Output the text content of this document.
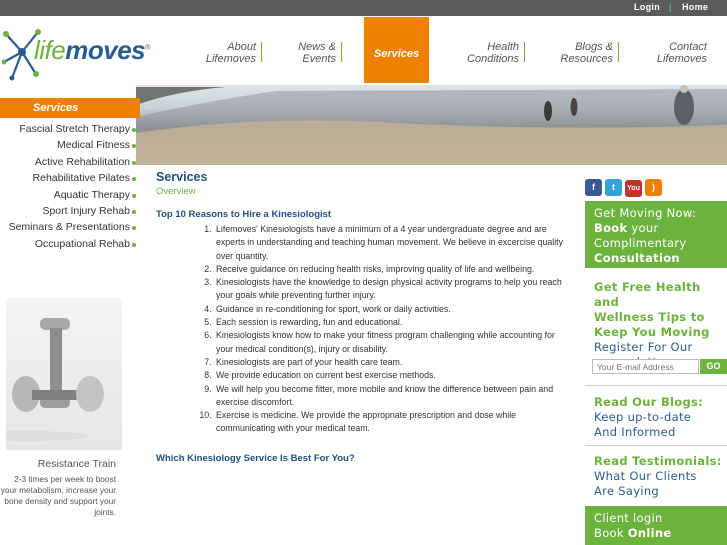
Login | Home
lifemoves®	About
Lifemoves
News &
Events	Services
Health
Conditions
Blogs &
Resources
Contact
Lifemoves
Services
Fascial Stretch Therapy
Medical Fitness
Active Rehabilitation
Rehabilitative Pilates
Aquatic Therapy
Sport Injury Rehab
Seminars & Presentations
Occupational Rehab
Resistance Train
2-3 times per week to boost your metabolism, increase your bone density and support your joints.
Services
Overview
Top 10 Reasons to Hire a Kinesiologist
1. Lifemoves' Kinesiologists have a minimum of a 4 year undergraduate degree and are experts in understanding and teaching human movement. We believe in excercise quality over quantity.
2. Receive guidance on reducing health risks, improving quality of life and wellbeing.
3. Kinesiologists have the knowledge to design physical activity programs to help you reach your goals while preventing further injury.
4. Guidance in re-conditioning for sport, work or daily activities.
5. Each session is rewarding, fun and educational.
6. Kinesiologists know how to make your fitness program challenging while accounting for your medical condition(s), injury or disability.
7. Kinesiologists are part of your health care team.
8. We provide education on current best exercise methods.
9. We will help you become fitter, more mobile and know the difference between pain and exercise discomfort.
10. Exercise is medicine. We provide the appropriate prescription and dose while communicating with your medical team.
Which Kinesiology Service Is Best For You?
f t You )
Get Moving Now:
Book your
Complimentary
Consultation
Get Free Health and
Wellness Tips to
Keep You Moving
Register For Our
Your E-mail Address
GO
Read Our Blogs:
Keep up-to-date
And Informed
Read Testimonials:
What Our Clients
Are Saying
Client login
Book Online
